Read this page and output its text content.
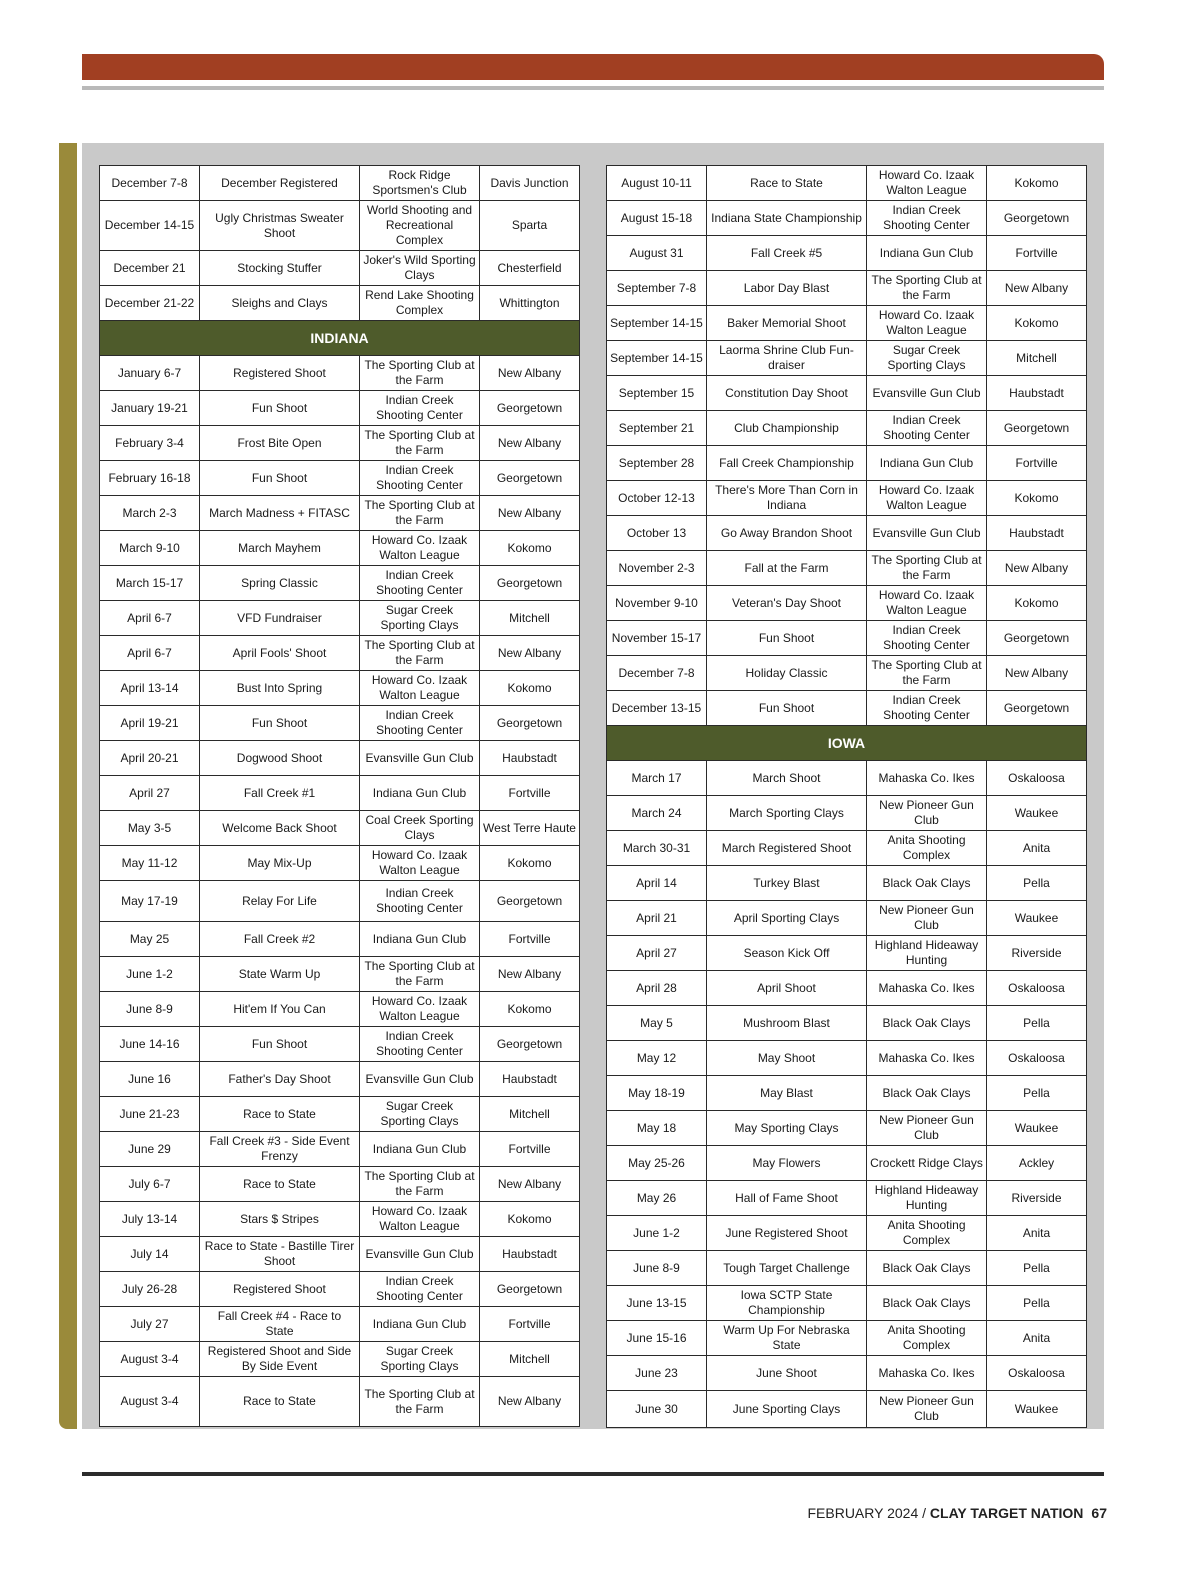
December 7-8	December Registered	Rock Ridge Sportsmen's Club	Davis Junction
December 14-15	Ugly Christmas Sweater Shoot	World Shooting and Recreational Complex	Sparta
December 21	Stocking Stuffer	Joker's Wild Sporting Clays	Chesterfield
December 21-22	Sleighs and Clays	Rend Lake Shooting Complex	Whittington
INDIANA			
January 6-7	Registered Shoot	The Sporting Club at the Farm	New Albany
January 19-21	Fun Shoot	Indian Creek Shooting Center	Georgetown
February 3-4	Frost Bite Open	The Sporting Club at the Farm	New Albany
February 16-18	Fun Shoot	Indian Creek Shooting Center	Georgetown
March 2-3	March Madness + FITASC	The Sporting Club at the Farm	New Albany
March 9-10	March Mayhem	Howard Co. Izaak Walton League	Kokomo
March 15-17	Spring Classic	Indian Creek Shooting Center	Georgetown
April 6-7	VFD Fundraiser	Sugar Creek Sporting Clays	Mitchell
April 6-7	April Fools' Shoot	The Sporting Club at the Farm	New Albany
April 13-14	Bust Into Spring	Howard Co. Izaak Walton League	Kokomo
April 19-21	Fun Shoot	Indian Creek Shooting Center	Georgetown
April 20-21	Dogwood Shoot	Evansville Gun Club	Haubstadt
April 27	Fall Creek #1	Indiana Gun Club	Fortville
May 3-5	Welcome Back Shoot	Coal Creek Sporting Clays	West Terre Haute
May 11-12	May Mix-Up	Howard Co. Izaak Walton League	Kokomo
May 17-19	Relay For Life	Indian Creek Shooting Center	Georgetown
May 25	Fall Creek #2	Indiana Gun Club	Fortville
June 1-2	State Warm Up	The Sporting Club at the Farm	New Albany
June 8-9	Hit'em If You Can	Howard Co. Izaak Walton League	Kokomo
June 14-16	Fun Shoot	Indian Creek Shooting Center	Georgetown
June 16	Father's Day Shoot	Evansville Gun Club	Haubstadt
June 21-23	Race to State	Sugar Creek Sporting Clays	Mitchell
June 29	Fall Creek #3 - Side Event Frenzy	Indiana Gun Club	Fortville
July 6-7	Race to State	The Sporting Club at the Farm	New Albany
July 13-14	Stars $ Stripes	Howard Co. Izaak Walton League	Kokomo
July 14	Race to State - Bastille Tirer Shoot	Evansville Gun Club	Haubstadt
July 26-28	Registered Shoot	Indian Creek Shooting Center	Georgetown
July 27	Fall Creek #4 - Race to State	Indiana Gun Club	Fortville
August 3-4	Registered Shoot and Side By Side Event	Sugar Creek Sporting Clays	Mitchell
August 3-4	Race to State	The Sporting Club at the Farm	New Albany
August 10-11	Race to State	Howard Co. Izaak Walton League	Kokomo
August 15-18	Indiana State Championship	Indian Creek Shooting Center	Georgetown
August 31	Fall Creek #5	Indiana Gun Club	Fortville
September 7-8	Labor Day Blast	The Sporting Club at the Farm	New Albany
September 14-15	Baker Memorial Shoot	Howard Co. Izaak Walton League	Kokomo
September 14-15	Laorma Shrine Club Fun-draiser	Sugar Creek Sporting Clays	Mitchell
September 15	Constitution Day Shoot	Evansville Gun Club	Haubstadt
September 21	Club Championship	Indian Creek Shooting Center	Georgetown
September 28	Fall Creek Championship	Indiana Gun Club	Fortville
October 12-13	There's More Than Corn in Indiana	Howard Co. Izaak Walton League	Kokomo
October 13	Go Away Brandon Shoot	Evansville Gun Club	Haubstadt
November 2-3	Fall at the Farm	The Sporting Club at the Farm	New Albany
November 9-10	Veteran's Day Shoot	Howard Co. Izaak Walton League	Kokomo
November 15-17	Fun Shoot	Indian Creek Shooting Center	Georgetown
December 7-8	Holiday Classic	The Sporting Club at the Farm	New Albany
December 13-15	Fun Shoot	Indian Creek Shooting Center	Georgetown
IOWA			
March 17	March Shoot	Mahaska Co. Ikes	Oskaloosa
March 24	March Sporting Clays	New Pioneer Gun Club	Waukee
March 30-31	March Registered Shoot	Anita Shooting Complex	Anita
April 14	Turkey Blast	Black Oak Clays	Pella
April 21	April Sporting Clays	New Pioneer Gun Club	Waukee
April 27	Season Kick Off	Highland Hideaway Hunting	Riverside
April 28	April Shoot	Mahaska Co. Ikes	Oskaloosa
May 5	Mushroom Blast	Black Oak Clays	Pella
May 12	May Shoot	Mahaska Co. Ikes	Oskaloosa
May 18-19	May Blast	Black Oak Clays	Pella
May 18	May Sporting Clays	New Pioneer Gun Club	Waukee
May 25-26	May Flowers	Crockett Ridge Clays	Ackley
May 26	Hall of Fame Shoot	Highland Hideaway Hunting	Riverside
June 1-2	June Registered Shoot	Anita Shooting Complex	Anita
June 8-9	Tough Target Challenge	Black Oak Clays	Pella
June 13-15	Iowa SCTP State Championship	Black Oak Clays	Pella
June 15-16	Warm Up For Nebraska State	Anita Shooting Complex	Anita
June 23	June Shoot	Mahaska Co. Ikes	Oskaloosa
June 30	June Sporting Clays	New Pioneer Gun Club	Waukee
FEBRUARY 2024 / CLAY TARGET NATION 67
